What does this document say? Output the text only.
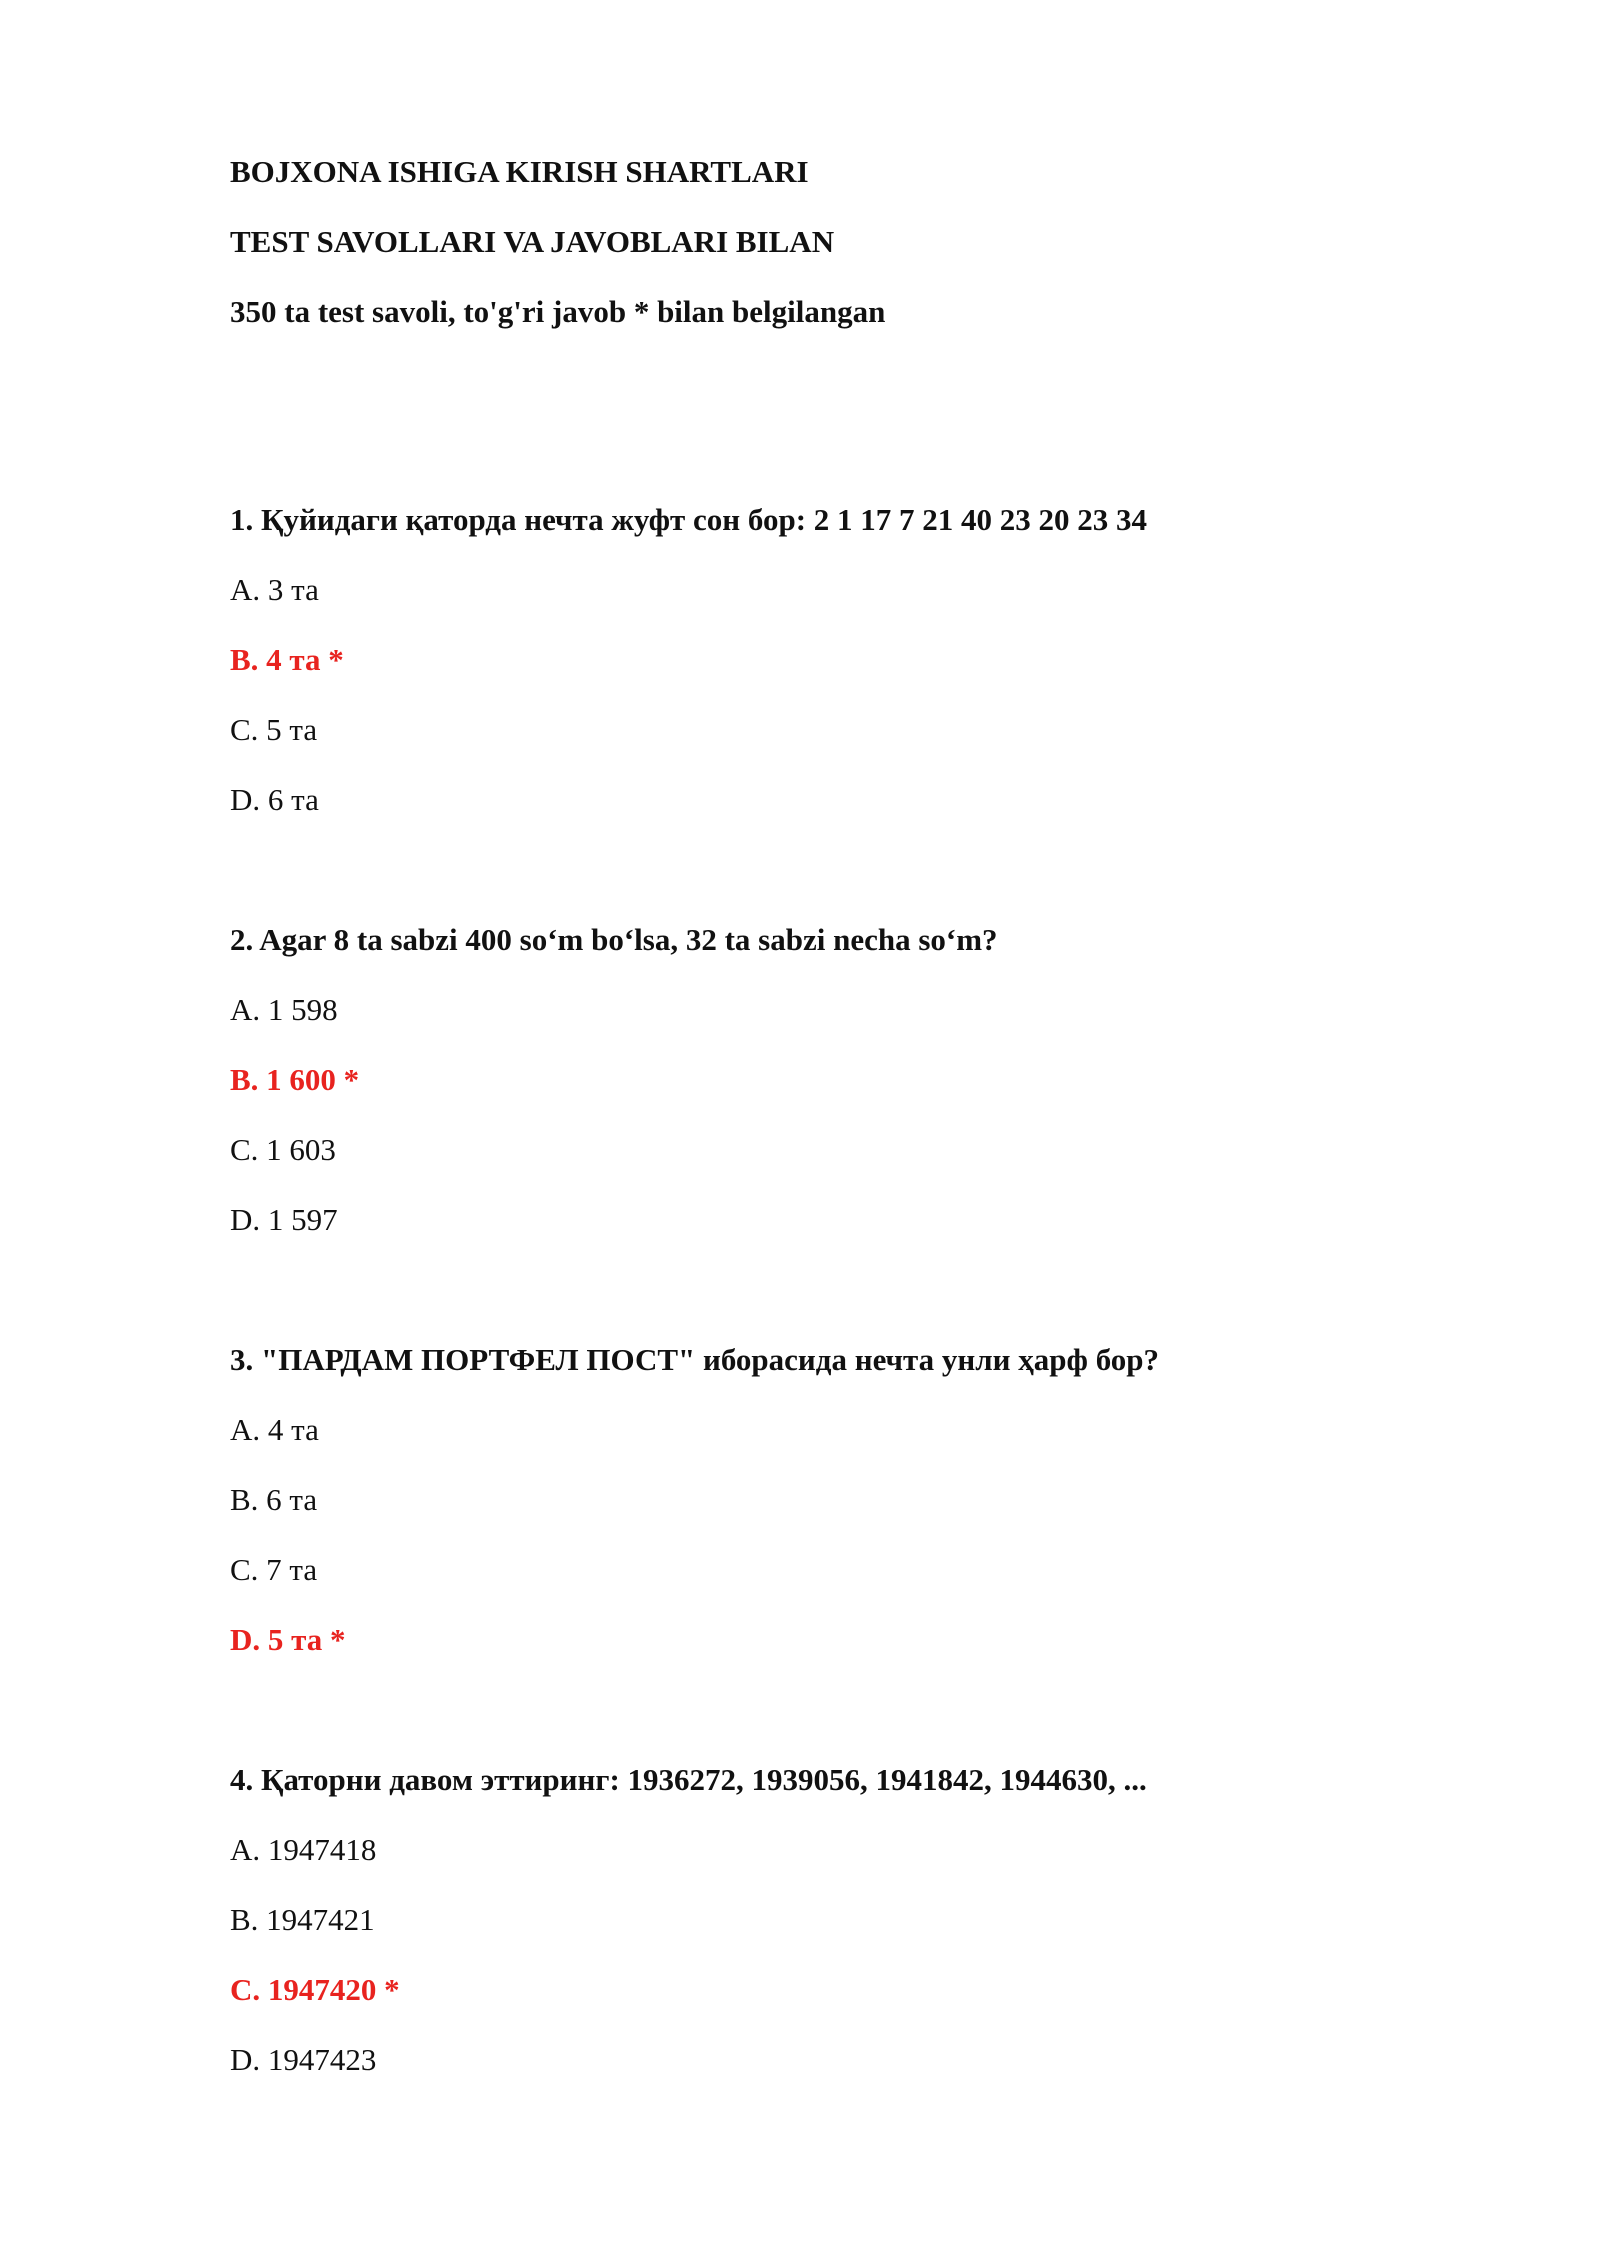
BOJXONA ISHIGA KIRISH SHARTLARI
TEST SAVOLLARI VA JAVOBLARI BILAN
350 ta test savoli, to'g'ri javob * bilan belgilangan
1. Қуйидаги қаторда нечта жуфт сон бор: 2 1 17 7 21 40 23 20 23 34
A. 3 та
B. 4 та *
C. 5 та
D. 6 та
2. Agar 8 ta sabzi 400 so‘m bo‘lsa, 32 ta sabzi necha so‘m?
A. 1 598
B. 1 600 *
C. 1 603
D. 1 597
3. "ПАРДАМ ПОРТФЕЛ ПОСТ" иборасида нечта унли ҳарф бор?
A. 4 та
B. 6 та
C. 7 та
D. 5 та *
4. Қаторни давом эттиринг: 1936272, 1939056, 1941842, 1944630, ...
A. 1947418
B. 1947421
C. 1947420 *
D. 1947423
